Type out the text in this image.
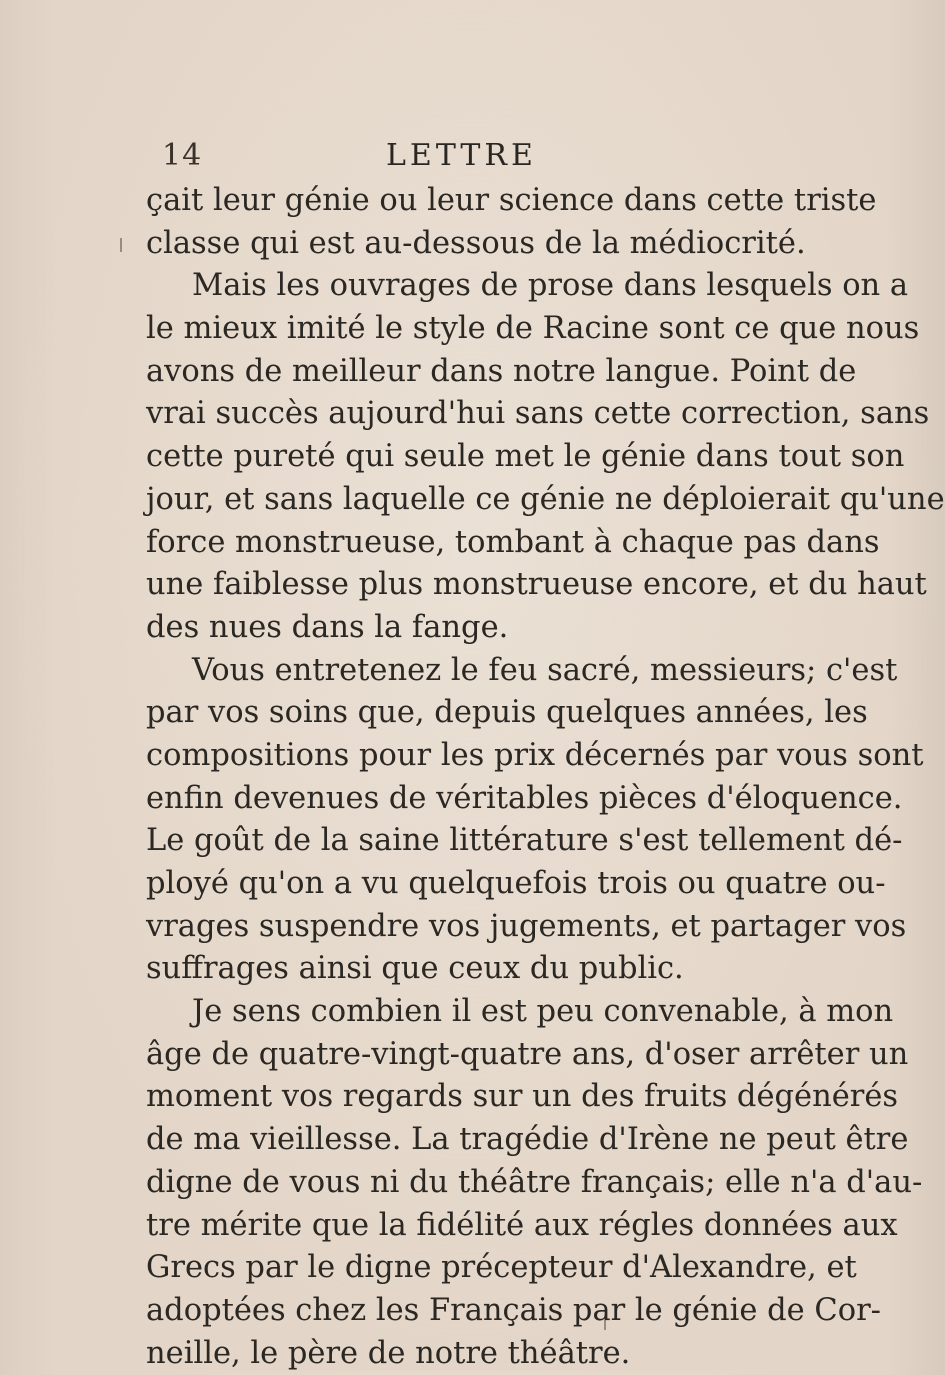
14	LETTRE
çait leur génie ou leur science dans cette triste
classe qui est au-dessous de la médiocrité.
Mais les ouvrages de prose dans lesquels on a
le mieux imité le style de Racine sont ce que nous
avons de meilleur dans notre langue. Point de
vrai succès aujourd'hui sans cette correction, sans
cette pureté qui seule met le génie dans tout son
jour, et sans laquelle ce génie ne déploierait qu'une
force monstrueuse, tombant à chaque pas dans
une faiblesse plus monstrueuse encore, et du haut
des nues dans la fange.
Vous entretenez le feu sacré, messieurs; c'est
par vos soins que, depuis quelques années, les
compositions pour les prix décernés par vous sont
enfin devenues de véritables pièces d'éloquence.
Le goût de la saine littérature s'est tellement dé-
ployé qu'on a vu quelquefois trois ou quatre ou-
vrages suspendre vos jugements, et partager vos
suffrages ainsi que ceux du public.
Je sens combien il est peu convenable, à mon
âge de quatre-vingt-quatre ans, d'oser arrêter un
moment vos regards sur un des fruits dégénérés
de ma vieillesse. La tragédie d'Irène ne peut être
digne de vous ni du théâtre français; elle n'a d'au-
tre mérite que la fidélité aux régles données aux
Grecs par le digne précepteur d'Alexandre, et
adoptées chez les Français par le génie de Cor-
neille, le père de notre théâtre.
